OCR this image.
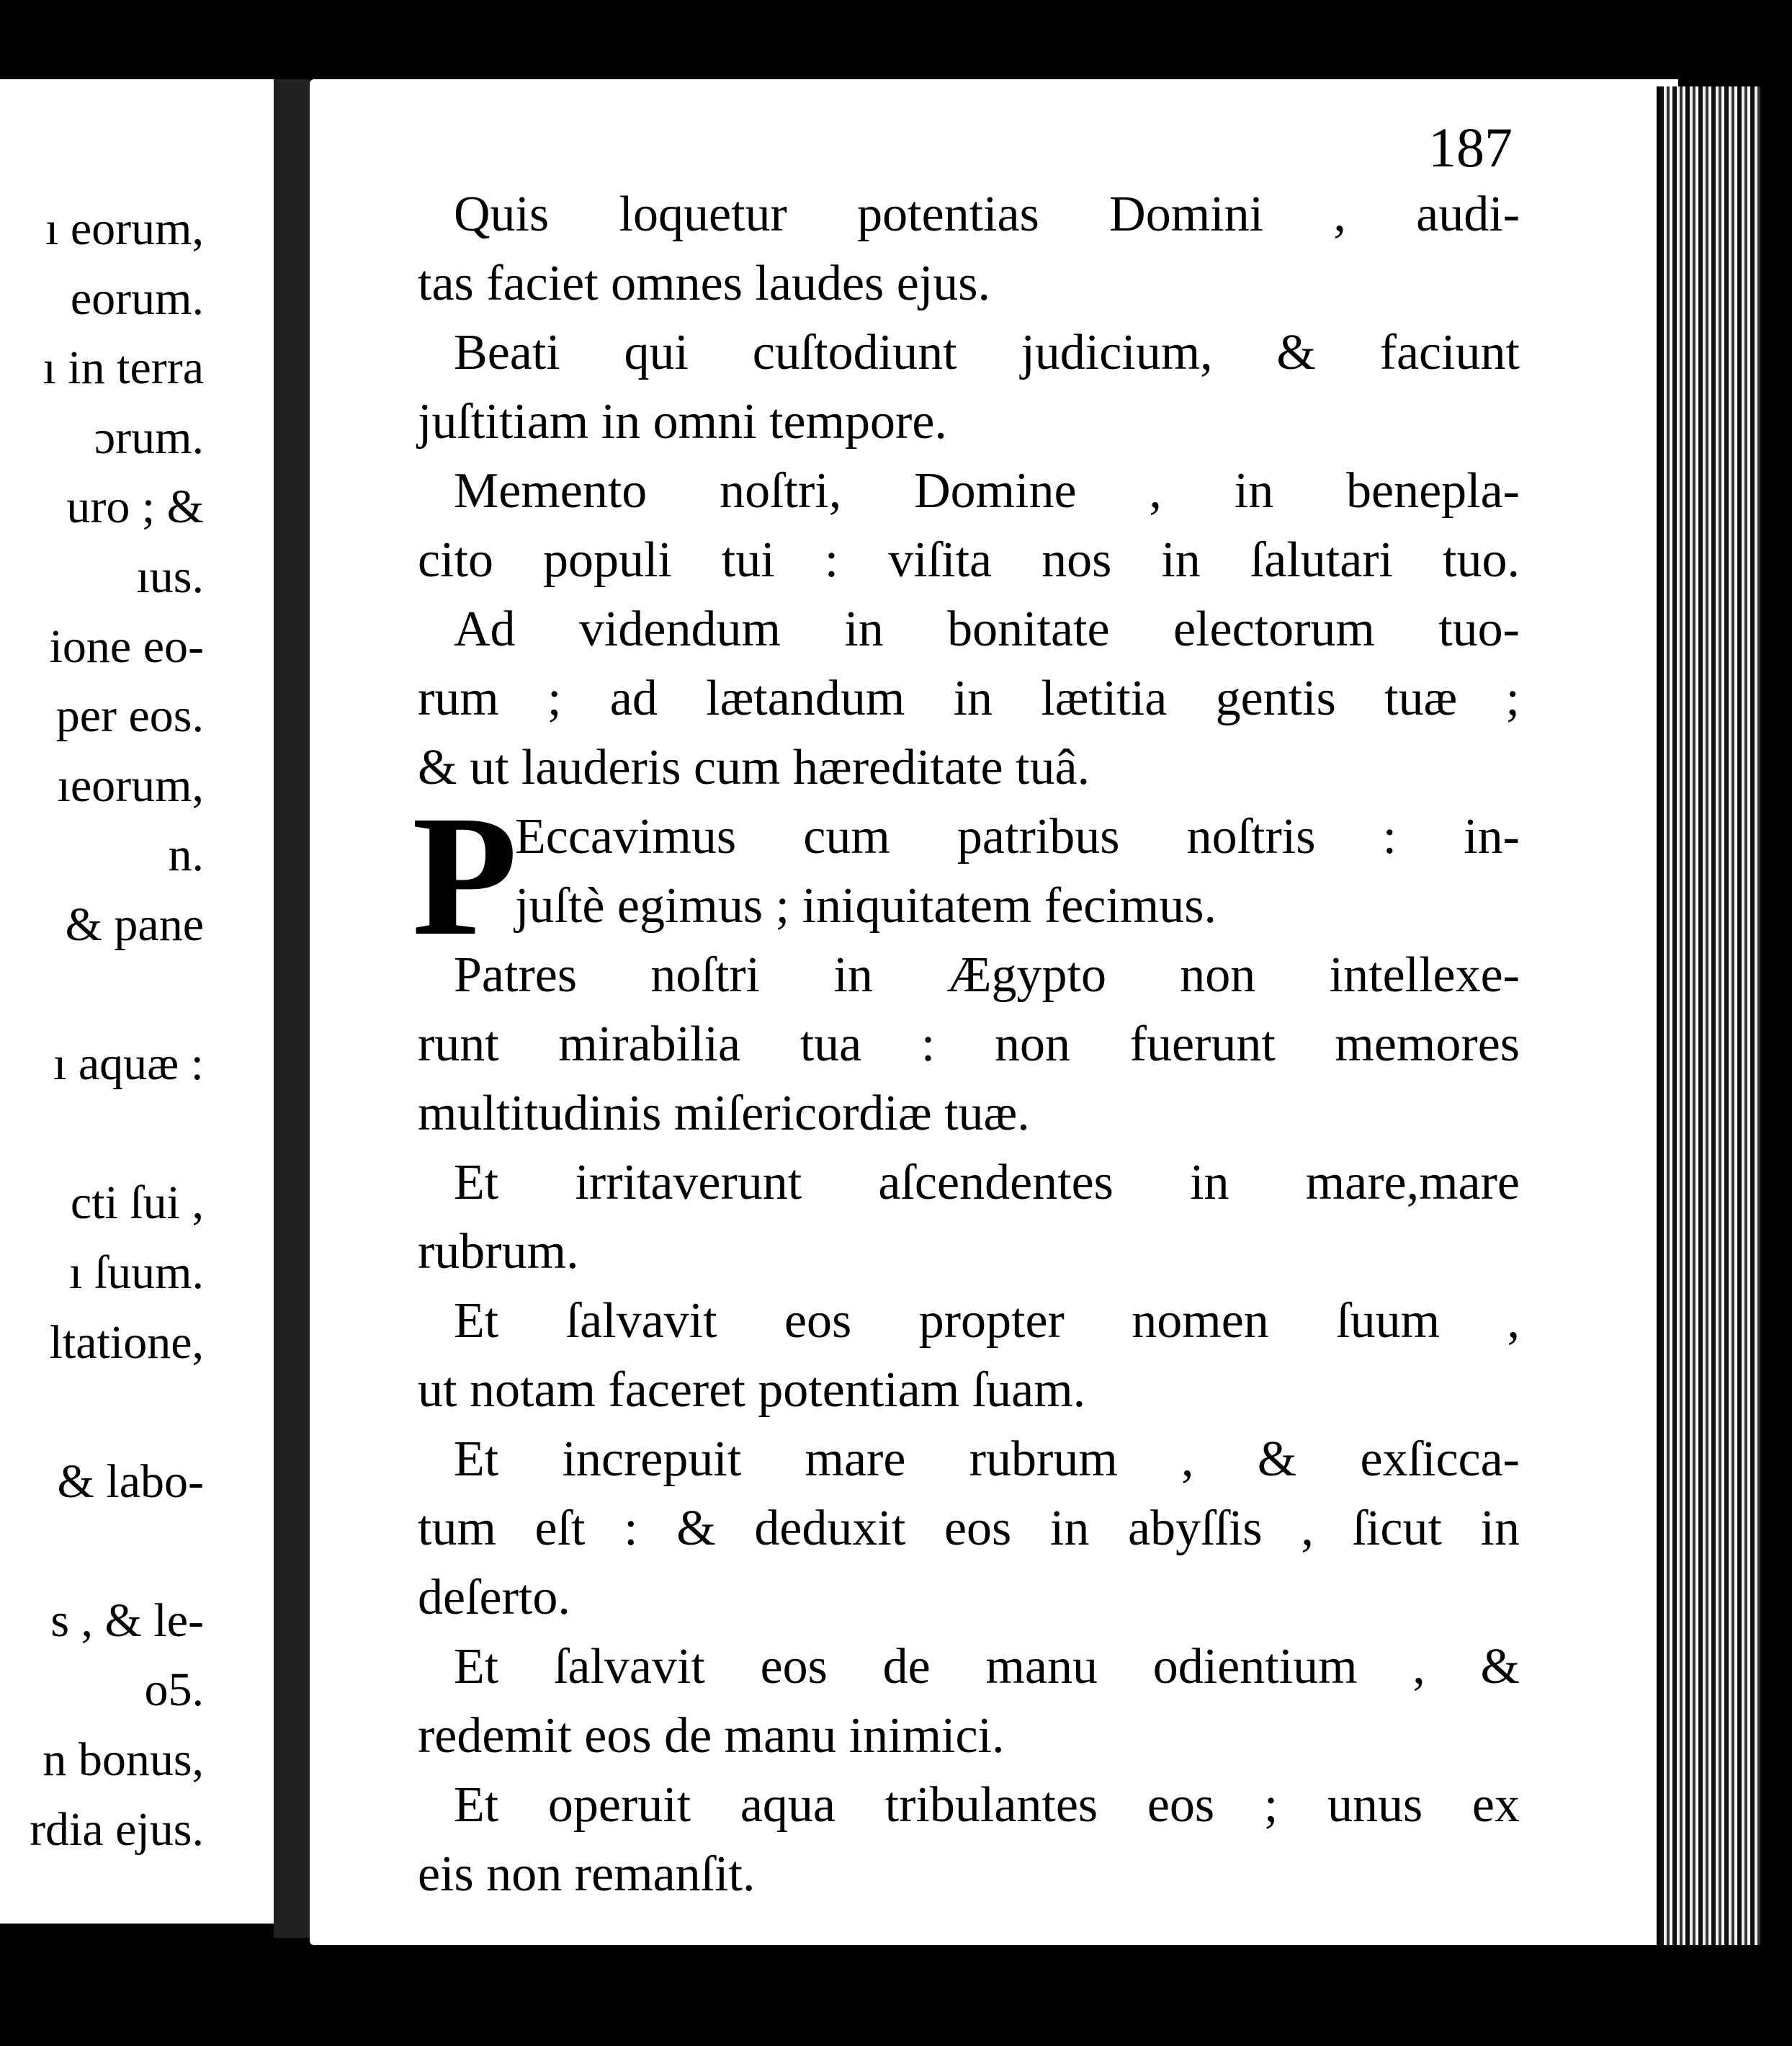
ı eorum,
eorum.
ı in terra
ɔrum.
uro ; &
ıus.
ione eo-
per eos.
ıeorum,
n.
& pane
ı aquæ :
cti ſui ,
ı ſuum.
ltatione,
& labo-
s , & le-
o5.
n bonus,
rdia ejus.
187

Quis loquetur potentias Domini , audi-
tas faciet omnes laudes ejus.

Beati qui cuſtodiunt judicium, & faciunt
juſtitiam in omni tempore.

Memento noſtri, Domine , in benepla-
cito populi tui : viſita nos in ſalutari tuo.

Ad videndum in bonitate electorum tuo-
rum ; ad lætandum in lætitia gentis tuæ ;
& ut lauderis cum hæreditate tuâ.

P
Eccavimus cum patribus noſtris : in-
juſtè egimus ; iniquitatem fecimus.

Patres noſtri in Ægypto non intellexe-
runt mirabilia tua : non fuerunt memores
multitudinis miſericordiæ tuæ.

Et irritaverunt aſcendentes in mare,mare
rubrum.

Et ſalvavit eos propter nomen ſuum ,
ut notam faceret potentiam ſuam.

Et increpuit mare rubrum , & exſicca-
tum eſt : & deduxit eos in abyſſis , ſicut in
deſerto.

Et ſalvavit eos de manu odientium , &
redemit eos de manu inimici.

Et operuit aqua tribulantes eos ; unus ex
eis non remanſit.
